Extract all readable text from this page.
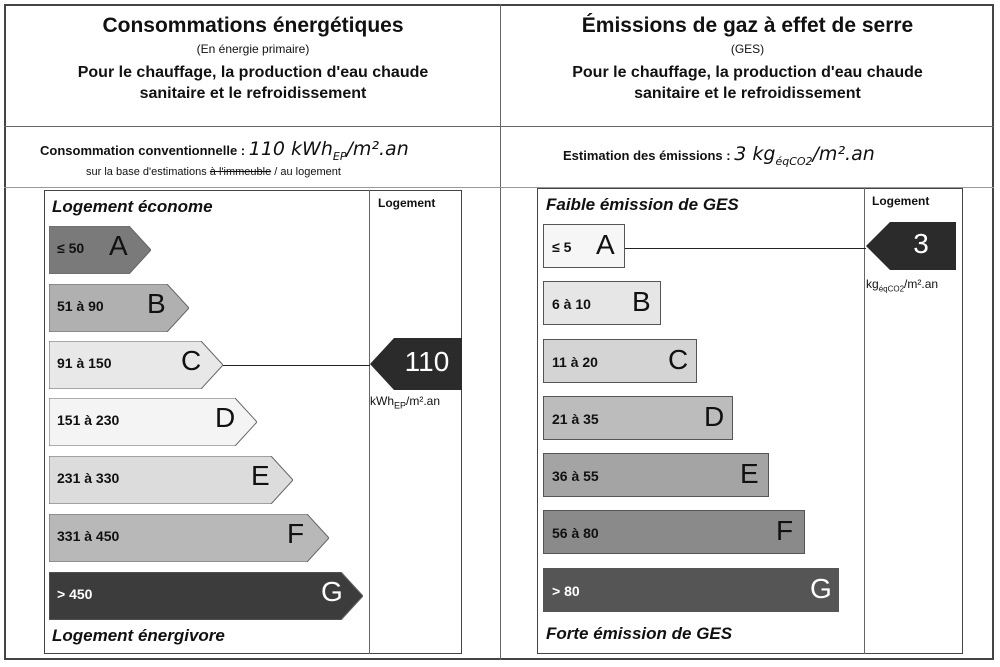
Consommations énergétiques
(En énergie primaire)
Pour le chauffage, la production d'eau chaude
sanitaire et le refroidissement
Émissions de gaz à effet de serre
(GES)
Pour le chauffage, la production d'eau chaude
sanitaire et le refroidissement
Consommation conventionnelle : 110 kWh$_{EP}$/m².an
sur la base d'estimations à l'immeuble / au logement
Estimation des émissions : 3 $kg_{éqCO2}/m^2.an$
Logement
Logement économe
Logement énergivore
≤ 50 A
51 à 90 B
91 à 150 C
151 à 230	D
231 à 330	E
331 à 450	F
> 450	G
Logement
Faible émission de GES
Forte émission de GES
≤ 5 A
6 à 10 B
11 à 20	C
21 à 35	D
36 à 55	E
56 à 80	F
> 80	G
110
kWh$_{EP}$/m².an
3
$kg_{éqCO2}/m^2.an$
